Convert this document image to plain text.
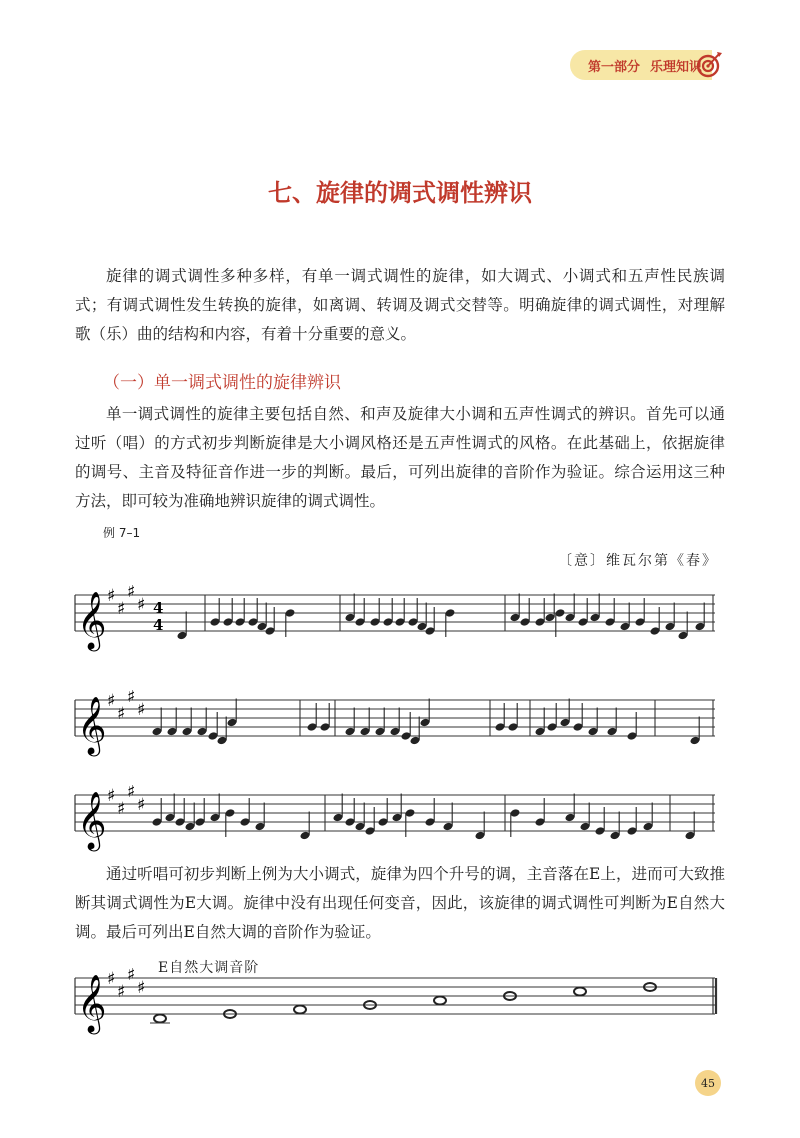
第一部分 乐理知识
七、旋律的调式调性辨识

旋律的调式调性多种多样，有单一调式调性的旋律，如大调式、小调式和五声性民族调式；有调式调性发生转换的旋律，如离调、转调及调式交替等。明确旋律的调式调性，对理解歌（乐）曲的结构和内容，有着十分重要的意义。

（一）单一调式调性的旋律辨识

单一调式调性的旋律主要包括自然、和声及旋律大小调和五声性调式的辨识。首先可以通过听（唱）的方式初步判断旋律是大小调风格还是五声性调式的风格。在此基础上，依据旋律的调号、主音及特征音作进一步的判断。最后，可列出旋律的音阶作为验证。综合运用这三种方法，即可较为准确地辨识旋律的调式调性。

例 7–1
〔意〕维瓦尔第《春》
𝄞 ♯
♯
♯
♯ 4
4
𝄞 ♯
♯
♯
♯
𝄞 ♯
♯
♯
♯

通过听唱可初步判断上例为大小调式，旋律为四个升号的调，主音落在E上，进而可大致推断其调式调性为E大调。旋律中没有出现任何变音，因此，该旋律的调式调性可判断为E自然大调。最后可列出E自然大调的音阶作为验证。

E自然大调音阶
𝄞 ♯
♯
♯
♯
45
